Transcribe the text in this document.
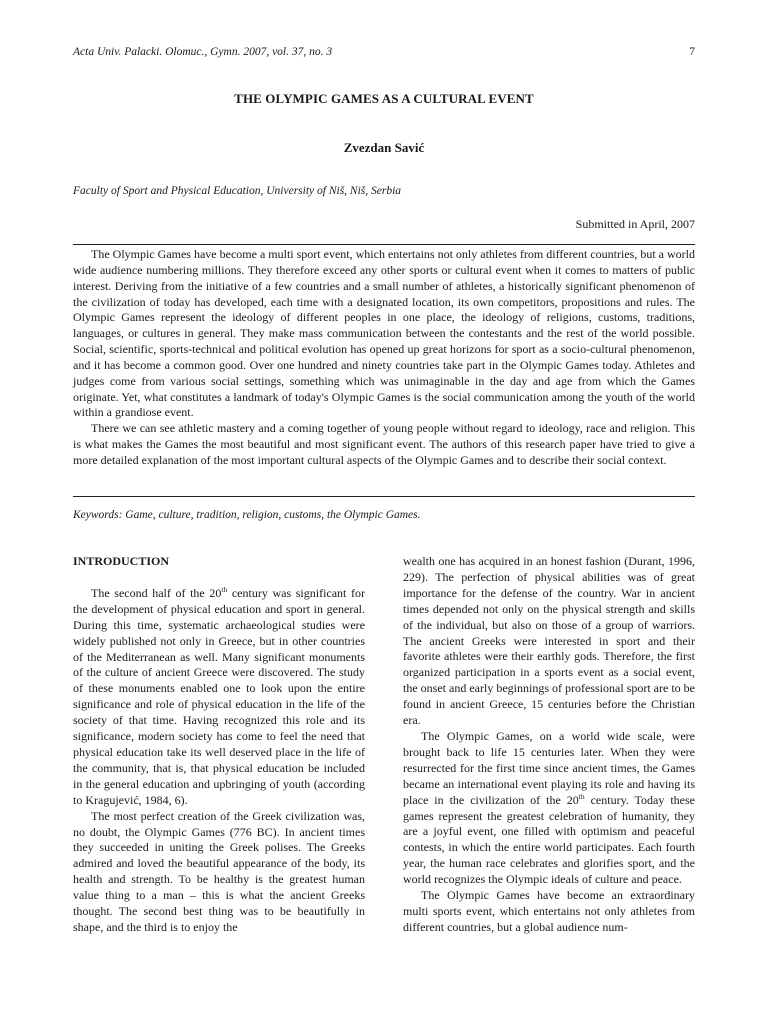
Acta Univ. Palacki. Olomuc., Gymn. 2007, vol. 37, no. 3	7
THE OLYMPIC GAMES AS A CULTURAL EVENT
Zvezdan Savić
Faculty of Sport and Physical Education, University of Niš, Niš, Serbia
Submitted in April, 2007

The Olympic Games have become a multi sport event, which entertains not only athletes from different countries, but a world wide audience numbering millions. They therefore exceed any other sports or cultural event when it comes to matters of public interest. Deriving from the initiative of a few countries and a small number of athletes, a historically significant phenomenon of the civilization of today has developed, each time with a designated location, its own competitors, propositions and rules. The Olympic Games represent the ideology of different peoples in one place, the ideology of religions, customs, traditions, languages, or cultures in general. They make mass communication between the contestants and the rest of the world possible. Social, scientific, sports-technical and political evolution has opened up great horizons for sport as a socio-cultural phenomenon, and it has become a common good. Over one hundred and ninety countries take part in the Olympic Games today. Athletes and judges come from various social settings, something which was unimaginable in the day and age from which the Games originate. Yet, what constitutes a landmark of today's Olympic Games is the social communication among the youth of the world within a grandiose event.

There we can see athletic mastery and a coming together of young people without regard to ideology, race and religion. This is what makes the Games the most beautiful and most significant event. The authors of this research paper have tried to give a more detailed explanation of the most important cultural aspects of the Olympic Games and to describe their social context.

Keywords: Game, culture, tradition, religion, customs, the Olympic Games.

INTRODUCTION

The second half of the 20th century was significant for the development of physical education and sport in general. During this time, systematic archaeological studies were widely published not only in Greece, but in other countries of the Mediterranean as well. Many significant monuments of the culture of ancient Greece were discovered. The study of these monuments enabled one to look upon the entire significance and role of physical education in the life of the society of that time. Having recognized this role and its significance, modern society has come to feel the need that physical education take its well deserved place in the life of the community, that is, that physical education be included in the general education and upbringing of youth (according to Kragujević, 1984, 6).

The most perfect creation of the Greek civilization was, no doubt, the Olympic Games (776 BC). In ancient times they succeeded in uniting the Greek polises. The Greeks admired and loved the beautiful appearance of the body, its health and strength. To be healthy is the greatest human value thing to a man – this is what the ancient Greeks thought. The second best thing was to be beautifully in shape, and the third is to enjoy the

wealth one has acquired in an honest fashion (Durant, 1996, 229). The perfection of physical abilities was of great importance for the defense of the country. War in ancient times depended not only on the physical strength and skills of the individual, but also on those of a group of warriors. The ancient Greeks were interested in sport and their favorite athletes were their earthly gods. Therefore, the first organized participation in a sports event as a social event, the onset and early beginnings of professional sport are to be found in ancient Greece, 15 centuries before the Christian era.

The Olympic Games, on a world wide scale, were brought back to life 15 centuries later. When they were resurrected for the first time since ancient times, the Games became an international event playing its role and having its place in the civilization of the 20th century. Today these games represent the greatest celebration of humanity, they are a joyful event, one filled with optimism and peaceful contests, in which the entire world participates. Each fourth year, the human race celebrates and glorifies sport, and the world recognizes the Olympic ideals of culture and peace.

The Olympic Games have become an extraordinary multi sports event, which entertains not only athletes from different countries, but a global audience num-
